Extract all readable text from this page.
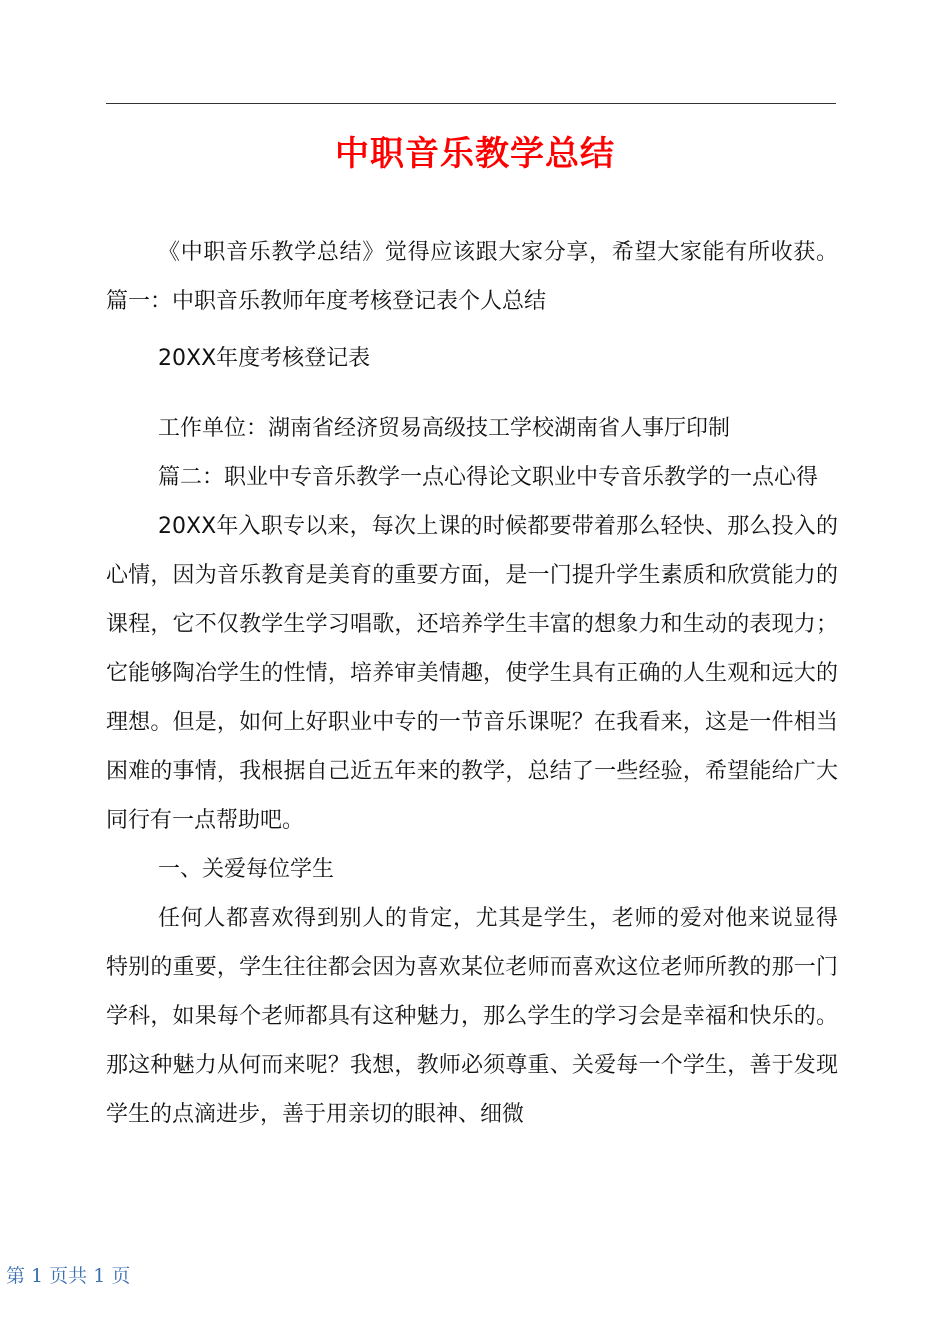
中职音乐教学总结

《中职音乐教学总结》觉得应该跟大家分享，希望大家能有所收获。篇一：中职音乐教师年度考核登记表个人总结

20XX年度考核登记表

工作单位：湖南省经济贸易高级技工学校湖南省人事厅印制

篇二：职业中专音乐教学一点心得论文职业中专音乐教学的一点心得

20XX年入职专以来，每次上课的时候都要带着那么轻快、那么投入的心情，因为音乐教育是美育的重要方面，是一门提升学生素质和欣赏能力的课程，它不仅教学生学习唱歌，还培养学生丰富的想象力和生动的表现力；它能够陶冶学生的性情，培养审美情趣，使学生具有正确的人生观和远大的理想。但是，如何上好职业中专的一节音乐课呢？在我看来，这是一件相当困难的事情，我根据自己近五年来的教学，总结了一些经验，希望能给广大同行有一点帮助吧。

一、关爱每位学生

任何人都喜欢得到别人的肯定，尤其是学生，老师的爱对他来说显得特别的重要，学生往往都会因为喜欢某位老师而喜欢这位老师所教的那一门学科，如果每个老师都具有这种魅力，那么学生的学习会是幸福和快乐的。那这种魅力从何而来呢？我想，教师必须尊重、关爱每一个学生，善于发现学生的点滴进步，善于用亲切的眼神、细微

第 1 页共 1 页
